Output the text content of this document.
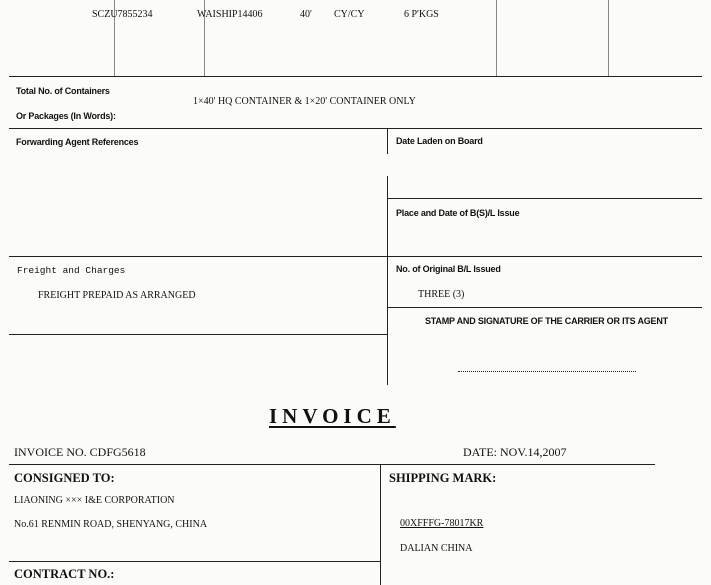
SCZU7855234	WAISHIP14406	40' CY/CY	6 P'KGS
Total No. of Containers
Or Packages (In Words):
1×40' HQ CONTAINER & 1×20' CONTAINER ONLY
Forwarding Agent References	Date Laden on Board
Place and Date of B(S)/L Issue
Freight and Charges
FREIGHT PREPAID AS ARRANGED
No. of Original B/L Issued
THREE (3)
STAMP AND SIGNATURE OF THE CARRIER OR ITS AGENT
INVOICE
INVOICE NO. CDFG5618	DATE: NOV.14,2007
CONSIGNED TO:
LIAONING ××× I&E CORPORATION
No.61 RENMIN ROAD, SHENYANG, CHINA
SHIPPING MARK:
00XFFFG-78017KR
DALIAN CHINA
CONTRACT NO.:
